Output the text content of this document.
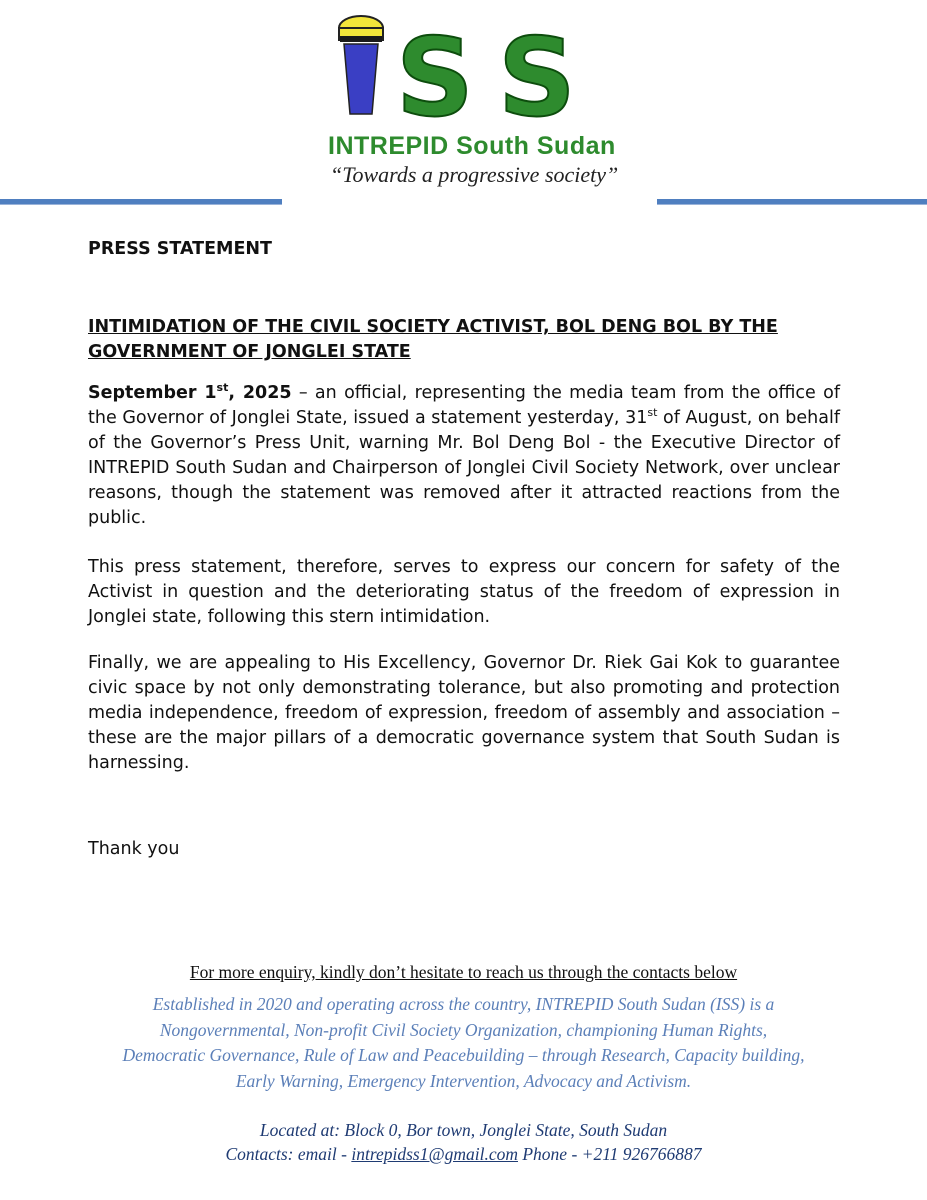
S S
INTREPID South Sudan
“Towards a progressive society”
PRESS STATEMENT
INTIMIDATION OF THE CIVIL SOCIETY ACTIVIST, BOL DENG BOL BY THE GOVERNMENT OF JONGLEI STATE
September 1st, 2025 – an official, representing the media team from the office of the Governor of Jonglei State, issued a statement yesterday, 31st of August, on behalf of the Governor’s Press Unit, warning Mr. Bol Deng Bol - the Executive Director of INTREPID South Sudan and Chairperson of Jonglei Civil Society Network, over unclear reasons, though the statement was removed after it attracted reactions from the public.
This press statement, therefore, serves to express our concern for safety of the Activist in question and the deteriorating status of the freedom of expression in Jonglei state, following this stern intimidation.
Finally, we are appealing to His Excellency, Governor Dr. Riek Gai Kok to guarantee civic space by not only demonstrating tolerance, but also promoting and protection media independence, freedom of expression, freedom of assembly and association – these are the major pillars of a democratic governance system that South Sudan is harnessing.
Thank you
For more enquiry, kindly don’t hesitate to reach us through the contacts below
Established in 2020 and operating across the country, INTREPID South Sudan (ISS) is a
Nongovernmental, Non-profit Civil Society Organization, championing Human Rights,
Democratic Governance, Rule of Law and Peacebuilding – through Research, Capacity building,
Early Warning, Emergency Intervention, Advocacy and Activism.
Located at: Block 0, Bor town, Jonglei State, South Sudan
Contacts: email - intrepidss1@gmail.com Phone - +211 926766887
